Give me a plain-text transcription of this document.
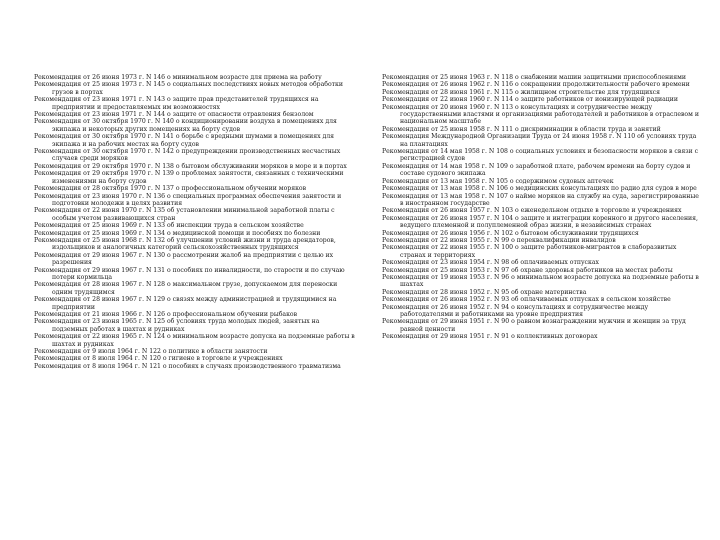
Рекомендация от 26 июня 1973 г. N 146 о минимальном возрасте для приема на работу
Рекомендация от 25 июня 1973 г. N 145 о социальных последствиях новых методов обработки грузов в портах
Рекомендация от 23 июня 1971 г. N 143 о защите прав представителей трудящихся на предприятии и предоставляемых им возможностях
Рекомендация от 23 июня 1971 г. N 144 о защите от опасности отравления бензолом
Рекомендация от 30 октября 1970 г. N 140 о кондиционировании воздуха в помещениях для экипажа и некоторых других помещениях на борту судов
Рекомендация от 30 октября 1970 г. N 141 о борьбе с вредными шумами в помещениях для экипажа и на рабочих местах на борту судов
Рекомендация от 30 октября 1970 г. N 142 о предупреждении производственных несчастных случаев среди моряков
Рекомендация от 29 октября 1970 г. N 138 о бытовом обслуживании моряков в море и в портах
Рекомендация от 29 октября 1970 г. N 139 о проблемах занятости, связанных с техническими изменениями на борту судов
Рекомендация от 28 октября 1970 г. N 137 о профессиональном обучении моряков
Рекомендация от 23 июня 1970 г. N 136 о специальных программах обеспечения занятости и подготовки молодежи в целях развития
Рекомендация от 22 июня 1970 г. N 135 об установлении минимальной заработной платы с особым учетом развивающихся стран
Рекомендация от 25 июня 1969 г. N 133 об инспекции труда в сельском хозяйстве
Рекомендация от 25 июня 1969 г. N 134 о медицинской помощи и пособиях по болезни
Рекомендация от 25 июня 1968 г. N 132 об улучшении условий жизни и труда арендаторов, издольщиков и аналогичных категорий сельскохозяйственных трудящихся
Рекомендация от 29 июня 1967 г. N 130 о рассмотрении жалоб на предприятии с целью их разрешения
Рекомендация от 29 июня 1967 г. N 131 о пособиях по инвалидности, по старости и по случаю потери кормильца
Рекомендация от 28 июня 1967 г. N 128 о максимальном грузе, допускаемом для переноски одним трудящимся
Рекомендация от 28 июня 1967 г. N 129 о связях между администрацией и трудящимися на предприятии
Рекомендация от 21 июня 1966 г. N 126 о профессиональном обучении рыбаков
Рекомендация от 23 июня 1965 г. N 125 об условиях труда молодых людей, занятых на подземных работах в шахтах и рудниках
Рекомендация от 22 июня 1965 г. N 124 о минимальном возрасте допуска на подземные работы в шахтах и рудниках
Рекомендация от 9 июля 1964 г. N 122 о политике в области занятости
Рекомендация от 8 июля 1964 г. N 120 о гигиене в торговле и учреждениях
Рекомендация от 8 июля 1964 г. N 121 о пособиях в случаях производственного травматизма
Рекомендация от 25 июня 1963 г. N 118 о снабжении машин защитными приспособлениями
Рекомендация от 26 июня 1962 г. N 116 о сокращении продолжительности рабочего времени
Рекомендация от 28 июня 1961 г. N 115 о жилищном строительстве для трудящихся
Рекомендация от 22 июня 1960 г. N 114 о защите работников от ионизирующей радиации
Рекомендация от 20 июня 1960 г. N 113 о консультациях и сотрудничестве между государственными властями и организациями работодателей и работников в отраслевом и национальном масштабе
Рекомендация от 25 июня 1958 г. N 111 о дискриминации в области труда и занятий
Рекомендация Международной Организации Труда от 24 июня 1958 г. N 110 об условиях труда на плантациях
Рекомендация от 14 мая 1958 г. N 108 о социальных условиях и безопасности моряков в связи с регистрацией судов
Рекомендация от 14 мая 1958 г. N 109 о заработной плате, рабочем времени на борту судов и составе судового экипажа
Рекомендация от 13 мая 1958 г. N 105 о содержимом судовых аптечек
Рекомендация от 13 мая 1958 г. N 106 о медицинских консультациях по радио для судов в море
Рекомендация от 13 мая 1958 г. N 107 о найме моряков на службу на суда, зарегистрированные в иностранном государстве
Рекомендация от 26 июня 1957 г. N 103 о еженедельном отдыхе в торговле и учреждениях
Рекомендация от 26 июня 1957 г. N 104 о защите и интеграции коренного и другого населения, ведущего племенной и полуплеменной образ жизни, в независимых странах
Рекомендация от 26 июня 1956 г. N 102 о бытовом обслуживании трудящихся
Рекомендация от 22 июня 1955 г. N 99 о переквалификации инвалидов
Рекомендация от 22 июня 1955 г. N 100 о защите работников-мигрантов в слаборазвитых странах и территориях
Рекомендация от 23 июня 1954 г. N 98 об оплачиваемых отпусках
Рекомендация от 25 июня 1953 г. N 97 об охране здоровья работников на местах работы
Рекомендация от 19 июня 1953 г. N 96 о минимальном возрасте допуска на подземные работы в шахтах
Рекомендация от 28 июня 1952 г. N 95 об охране материнства
Рекомендация от 26 июня 1952 г. N 93 об оплачиваемых отпусках в сельском хозяйстве
Рекомендация от 26 июня 1952 г. N 94 о консультациях и сотрудничестве между работодателями и работниками на уровне предприятия
Рекомендация от 29 июня 1951 г. N 90 о равном вознаграждении мужчин и женщин за труд равной ценности
Рекомендация от 29 июня 1951 г. N 91 о коллективных договорах
